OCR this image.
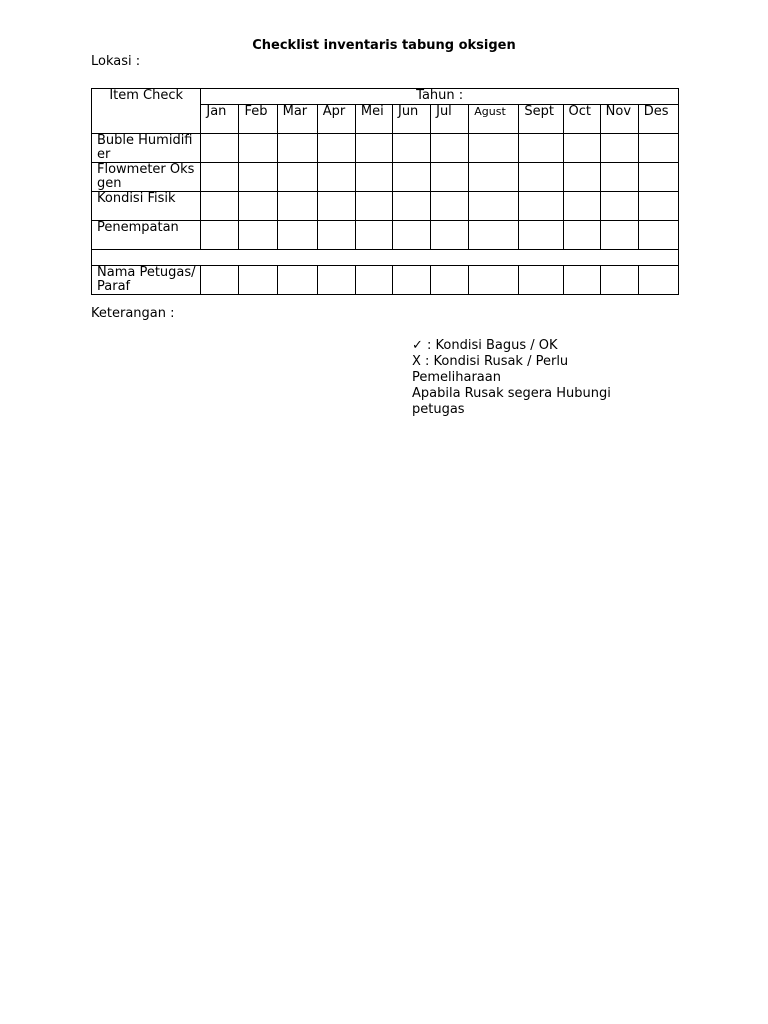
Checklist inventaris tabung oksigen
Lokasi :
Item Check	Tahun :											
	Jan	Feb	Mar	Apr	Mei	Jun	Jul	Agust	Sept	Oct	Nov	Des
Buble Humidifier												
Flowmeter Oksgen												
Kondisi Fisik												
Penempatan												

Nama Petugas/Paraf												
Keterangan :
✓ : Kondisi Bagus / OK
X : Kondisi Rusak / Perlu Pemeliharaan
Apabila Rusak segera Hubungi petugas
